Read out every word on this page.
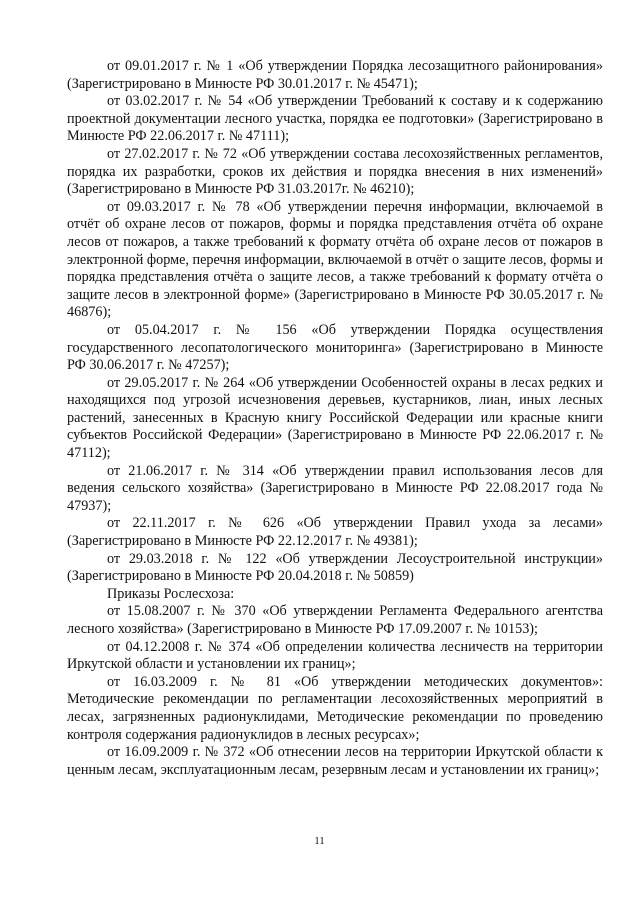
от 09.01.2017 г. № 1 «Об утверждении Порядка лесозащитного районирования» (Зарегистрировано в Минюсте РФ 30.01.2017 г. № 45471);

от 03.02.2017 г. № 54 «Об утверждении Требований к составу и к содержанию проектной документации лесного участка, порядка ее подготовки» (Зарегистрировано в Минюсте РФ 22.06.2017 г. № 47111);

от 27.02.2017 г. № 72 «Об утверждении состава лесохозяйственных регламентов, порядка их разработки, сроков их действия и порядка внесения в них изменений» (Зарегистрировано в Минюсте РФ 31.03.2017г. № 46210);

от 09.03.2017 г. № 78 «Об утверждении перечня информации, включаемой в отчёт об охране лесов от пожаров, формы и порядка представления отчёта об охране лесов от пожаров, а также требований к формату отчёта об охране лесов от пожаров в электронной форме, перечня информации, включаемой в отчёт о защите лесов, формы и порядка представления отчёта о защите лесов, а также требований к формату отчёта о защите лесов в электронной форме» (Зарегистрировано в Минюсте РФ 30.05.2017 г. № 46876);

от 05.04.2017 г. № 156 «Об утверждении Порядка осуществления государственного лесопатологического мониторинга» (Зарегистрировано в Минюсте РФ 30.06.2017 г. № 47257);

от 29.05.2017 г. № 264 «Об утверждении Особенностей охраны в лесах редких и находящихся под угрозой исчезновения деревьев, кустарников, лиан, иных лесных растений, занесенных в Красную книгу Российской Федерации или красные книги субъектов Российской Федерации» (Зарегистрировано в Минюсте РФ 22.06.2017 г. № 47112);

от 21.06.2017 г. № 314 «Об утверждении правил использования лесов для ведения сельского хозяйства» (Зарегистрировано в Минюсте РФ 22.08.2017 года № 47937);

от 22.11.2017 г. № 626 «Об утверждении Правил ухода за лесами» (Зарегистрировано в Минюсте РФ 22.12.2017 г. № 49381);

от 29.03.2018 г. № 122 «Об утверждении Лесоустроительной инструкции» (Зарегистрировано в Минюсте РФ 20.04.2018 г. № 50859)

Приказы Рослесхоза:

от 15.08.2007 г. № 370 «Об утверждении Регламента Федерального агентства лесного хозяйства» (Зарегистрировано в Минюсте РФ 17.09.2007 г. № 10153);

от 04.12.2008 г. № 374 «Об определении количества лесничеств на территории Иркутской области и установлении их границ»;

от 16.03.2009 г. № 81 «Об утверждении методических документов»: Методические рекомендации по регламентации лесохозяйственных мероприятий в лесах, загрязненных радионуклидами, Методические рекомендации по проведению контроля содержания радионуклидов в лесных ресурсах»;

от 16.09.2009 г. № 372 «Об отнесении лесов на территории Иркутской области к ценным лесам, эксплуатационным лесам, резервным лесам и установлении их границ»;

11
